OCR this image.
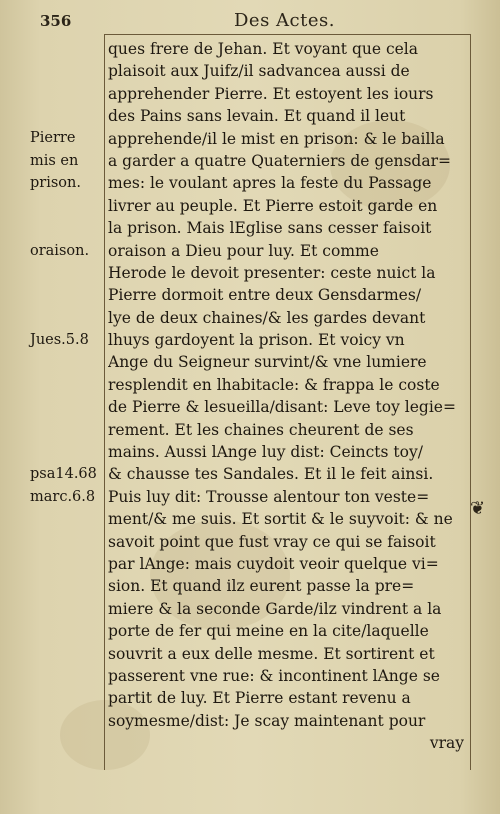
356	Des Actes.
ques frere de Jehan. Et voyant que cela
plaisoit aux Juifz/il sadvancea aussi de
apprehender Pierre. Et estoyent les iours
des Pains sans levain. Et quand il leut
apprehende/il le mist en prison: & le bailla
a garder a quatre Quaterniers de gensdar=
mes: le voulant apres la feste du Passage
livrer au peuple. Et Pierre estoit garde en
la prison. Mais lEglise sans cesser faisoit
oraison a Dieu pour luy. Et comme
Herode le devoit presenter: ceste nuict la
Pierre dormoit entre deux Gensdarmes/
lye de deux chaines/& les gardes devant
lhuys gardoyent la prison. Et voicy vn
Ange du Seigneur survint/& vne lumiere
resplendit en lhabitacle: & frappa le coste
de Pierre & lesueilla/disant: Leve toy legie=
rement. Et les chaines cheurent de ses
mains. Aussi lAnge luy dist: Ceincts toy/
& chausse tes Sandales. Et il le feit ainsi.
Puis luy dit: Trousse alentour ton veste=
ment/& me suis. Et sortit & le suyvoit: & ne
savoit point que fust vray ce qui se faisoit
par lAnge: mais cuydoit veoir quelque vi=
sion. Et quand ilz eurent passe la pre=
miere & la seconde Garde/ilz vindrent a la
porte de fer qui meine en la cite/laquelle
souvrit a eux delle mesme. Et sortirent et
passerent vne rue: & incontinent lAnge se
partit de luy. Et Pierre estant revenu a
soymesme/dist: Je scay maintenant pour
vray
Pierre
mis en
prison.
oraison.
Jues.5.8
psa14.68
marc.6.8
❦
